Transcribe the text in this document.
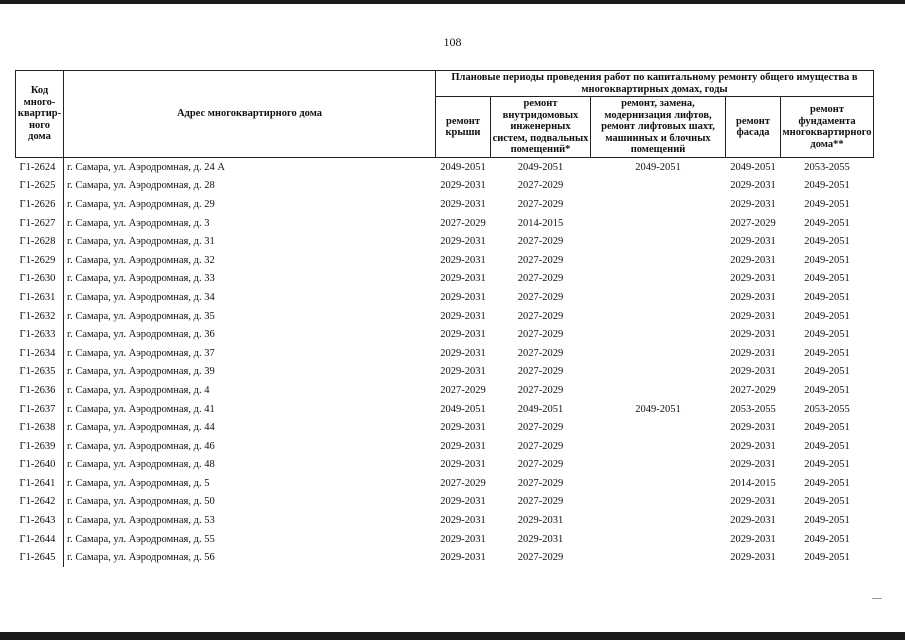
108
Код много-квартир-ного дома	Адрес многоквартирного дома	Плановые периоды проведения работ по капитальному ремонту общего имущества в многоквартирных домах, годы				
		ремонт крыши	ремонт внутридомовых инженерных систем, подвальных помещений*	ремонт, замена, модернизация лифтов, ремонт лифтовых шахт, машинных и блочных помещений	ремонт фасада	ремонт фундамента многоквартирного дома**
Г1-2624	г. Самара, ул. Аэродромная, д. 24 А	2049-2051	2049-2051	2049-2051	2049-2051	2053-2055
Г1-2625	г. Самара, ул. Аэродромная, д. 28	2029-2031	2027-2029		2029-2031	2049-2051
Г1-2626	г. Самара, ул. Аэродромная, д. 29	2029-2031	2027-2029		2029-2031	2049-2051
Г1-2627	г. Самара, ул. Аэродромная, д. 3	2027-2029	2014-2015		2027-2029	2049-2051
Г1-2628	г. Самара, ул. Аэродромная, д. 31	2029-2031	2027-2029		2029-2031	2049-2051
Г1-2629	г. Самара, ул. Аэродромная, д. 32	2029-2031	2027-2029		2029-2031	2049-2051
Г1-2630	г. Самара, ул. Аэродромная, д. 33	2029-2031	2027-2029		2029-2031	2049-2051
Г1-2631	г. Самара, ул. Аэродромная, д. 34	2029-2031	2027-2029		2029-2031	2049-2051
Г1-2632	г. Самара, ул. Аэродромная, д. 35	2029-2031	2027-2029		2029-2031	2049-2051
Г1-2633	г. Самара, ул. Аэродромная, д. 36	2029-2031	2027-2029		2029-2031	2049-2051
Г1-2634	г. Самара, ул. Аэродромная, д. 37	2029-2031	2027-2029		2029-2031	2049-2051
Г1-2635	г. Самара, ул. Аэродромная, д. 39	2029-2031	2027-2029		2029-2031	2049-2051
Г1-2636	г. Самара, ул. Аэродромная, д. 4	2027-2029	2027-2029		2027-2029	2049-2051
Г1-2637	г. Самара, ул. Аэродромная, д. 41	2049-2051	2049-2051	2049-2051	2053-2055	2053-2055
Г1-2638	г. Самара, ул. Аэродромная, д. 44	2029-2031	2027-2029		2029-2031	2049-2051
Г1-2639	г. Самара, ул. Аэродромная, д. 46	2029-2031	2027-2029		2029-2031	2049-2051
Г1-2640	г. Самара, ул. Аэродромная, д. 48	2029-2031	2027-2029		2029-2031	2049-2051
Г1-2641	г. Самара, ул. Аэродромная, д. 5	2027-2029	2027-2029		2014-2015	2049-2051
Г1-2642	г. Самара, ул. Аэродромная, д. 50	2029-2031	2027-2029		2029-2031	2049-2051
Г1-2643	г. Самара, ул. Аэродромная, д. 53	2029-2031	2029-2031		2029-2031	2049-2051
Г1-2644	г. Самара, ул. Аэродромная, д. 55	2029-2031	2029-2031		2029-2031	2049-2051
Г1-2645	г. Самара, ул. Аэродромная, д. 56	2029-2031	2027-2029		2029-2031	2049-2051
